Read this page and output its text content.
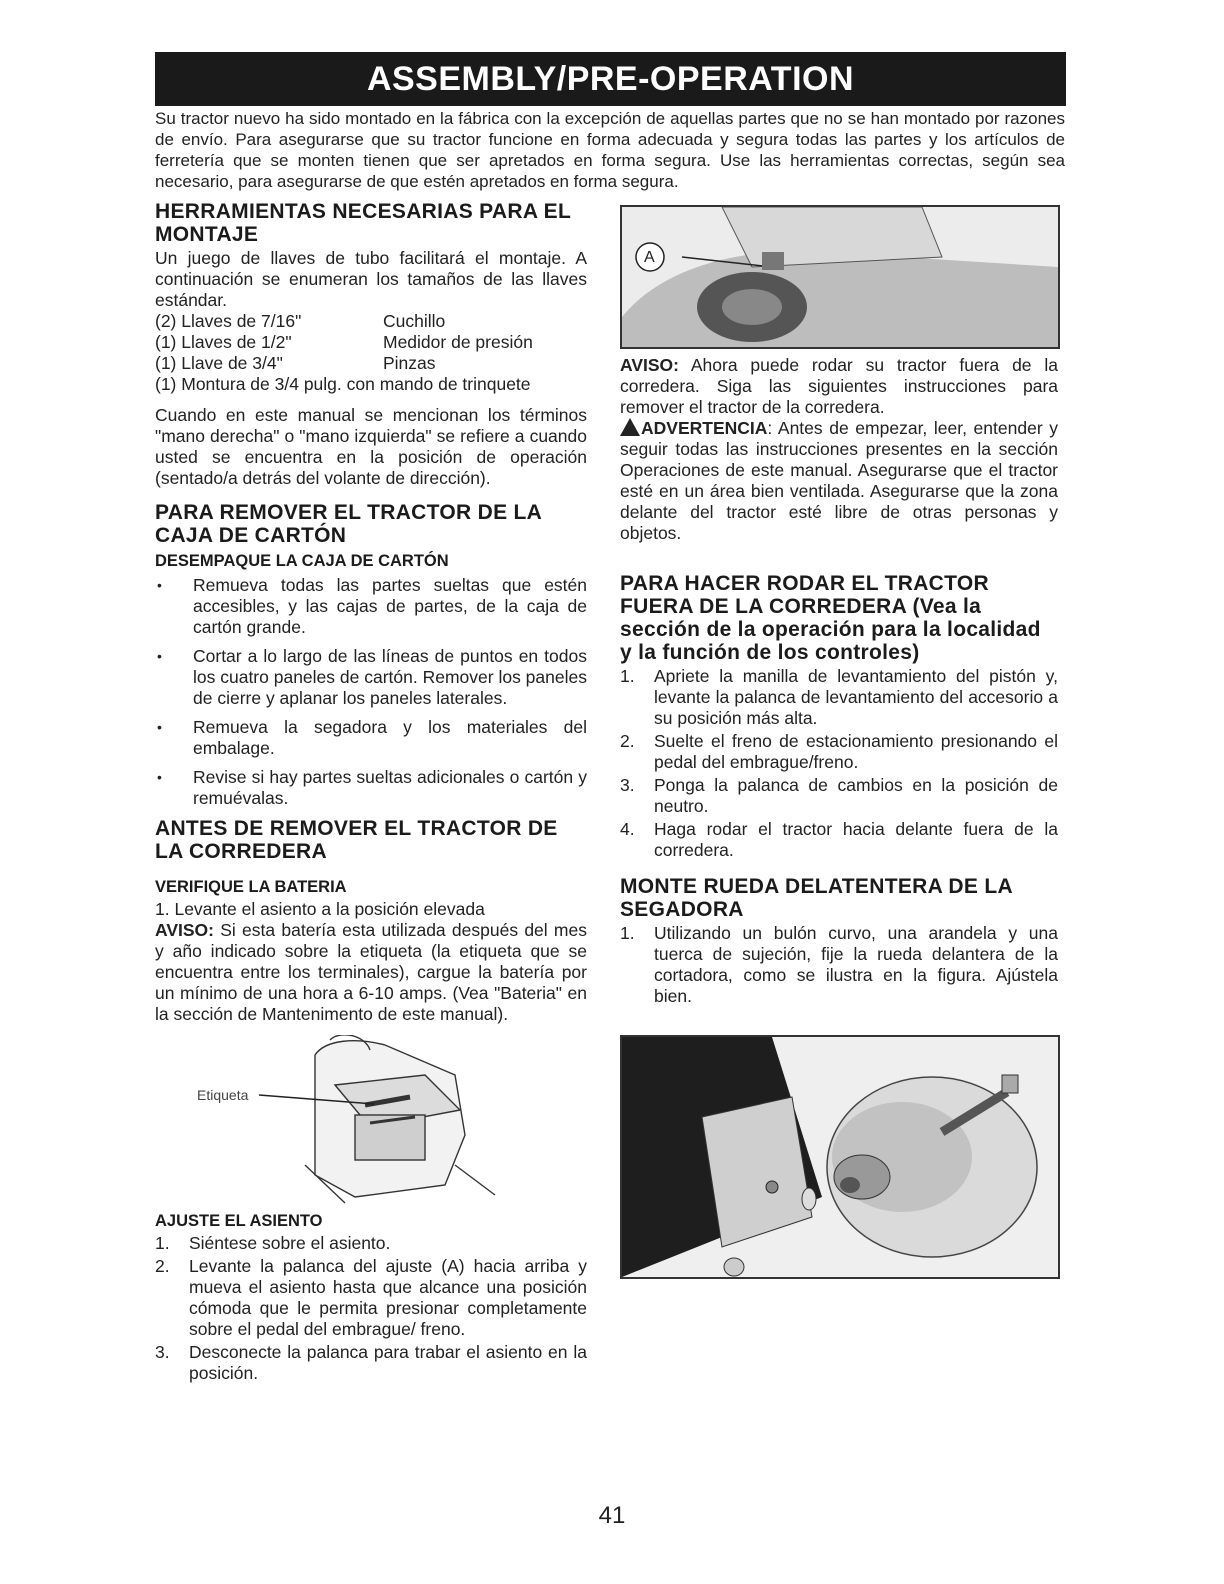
ASSEMBLY/PRE-OPERATION

Su tractor nuevo ha sido montado en la fábrica con la excepción de aquellas partes que no se han montado por razones de envío. Para asegurarse que su tractor funcione en forma adecuada y segura todas las partes y los artículos de ferretería que se monten tienen que ser apretados en forma segura. Use las herramientas correctas, según sea necesario, para asegurarse de que estén apretados en forma segura.

HERRAMIENTAS NECESARIAS PARA EL MONTAJE

Un juego de llaves de tubo facilitará el montaje. A continuación se enumeran los tamaños de las llaves estándar.

(2) Llaves de 7/16"	Cuchillo
(1) Llaves de 1/2"	Medidor de presión
(1) Llave de 3/4"	Pinzas

(1) Montura de 3/4 pulg. con mando de trinquete

Cuando en este manual se mencionan los términos "mano derecha" o "mano izquierda" se refiere a cuando usted se encuentra en la posición de operación (sentado/a detrás del volante de dirección).

PARA REMOVER EL TRACTOR DE LA CAJA DE CARTÓN
DESEMPAQUE LA CAJA DE CARTÓN
• Remueva todas las partes sueltas que estén accesibles, y las cajas de partes, de la caja de cartón grande.
• Cortar a lo largo de las líneas de puntos en todos los cuatro paneles de cartón. Remover los paneles de cierre y aplanar los paneles laterales.
• Remueva la segadora y los materiales del embalage.
• Revise si hay partes sueltas adicionales o cartón y remuévalas.
ANTES DE REMOVER EL TRACTOR DE LA CORREDERA
VERIFIQUE LA BATERIA

1. Levante el asiento a la posición elevada

AVISO: Si esta batería esta utilizada después del mes y año indicado sobre la etiqueta (la etiqueta que se encuentra entre los terminales), cargue la batería por un mínimo de una hora a 6-10 amps. (Vea "Bateria" en la sección de Mantenimento de este manual).

Etiqueta
AJUSTE EL ASIENTO
1. Siéntese sobre el asiento.
2. Levante la palanca del ajuste (A) hacia arriba y mueva el asiento hasta que alcance una posición cómoda que le permita presionar completamente sobre el pedal del embrague/ freno.
3. Desconecte la palanca para trabar el asiento en la posición.
A

AVISO: Ahora puede rodar su tractor fuera de la corredera. Siga las siguientes instrucciones para remover el tractor de la corredera.

ADVERTENCIA: Antes de empezar, leer, entender y seguir todas las instrucciones presentes en la sección Operaciones de este manual. Asegurarse que el tractor esté en un área bien ventilada. Asegurarse que la zona delante del tractor esté libre de otras personas y objetos.

PARA HACER RODAR EL TRACTOR FUERA DE LA CORREDERA (Vea la sección de la operación para la localidad y la función de los controles)
1. Apriete la manilla de levantamiento del pistón y, levante la palanca de levantamiento del accesorio a su posición más alta.
2. Suelte el freno de estacionamiento presionando el pedal del embrague/freno.
3. Ponga la palanca de cambios en la posición de neutro.
4. Haga rodar el tractor hacia delante fuera de la corredera.
MONTE RUEDA DELATENTERA DE LA SEGADORA
1. Utilizando un bulón curvo, una arandela y una tuerca de sujeción, fije la rueda delantera de la cortadora, como se ilustra en la figura. Ajústela bien.
41
